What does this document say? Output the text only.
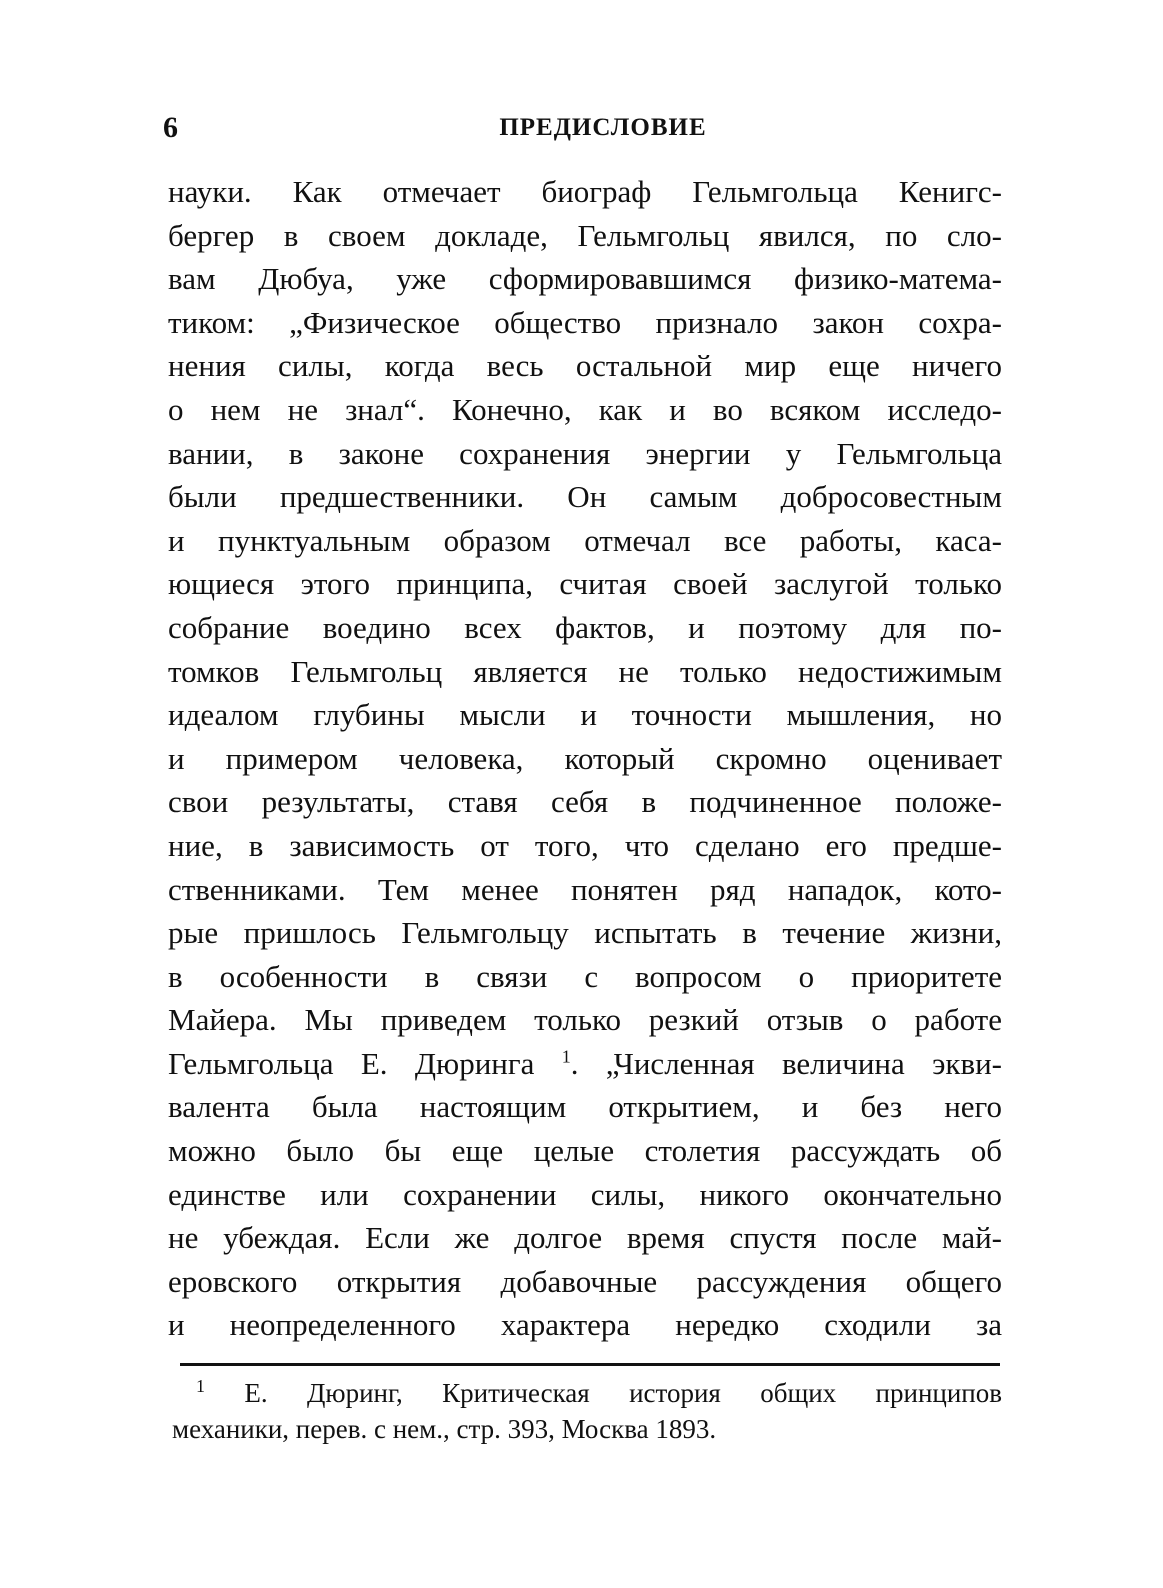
6	ПРЕДИСЛОВИЕ
науки. Как отмечает биограф Гельмгольца Кенигс-
бергер в своем докладе, Гельмгольц явился, по сло-
вам Дюбуа, уже сформировавшимся физико-матема-
тиком: „Физическое общество признало закон сохра-
нения силы, когда весь остальной мир еще ничего
о нем не знал“. Конечно, как и во всяком исследо-
вании, в законе сохранения энергии у Гельмгольца
были предшественники. Он самым добросовестным
и пунктуальным образом отмечал все работы, каса-
ющиеся этого принципа, считая своей заслугой только
собрание воедино всех фактов, и поэтому для по-
томков Гельмгольц является не только недостижимым
идеалом глубины мысли и точности мышления, но
и примером человека, который скромно оценивает
свои результаты, ставя себя в подчиненное положе-
ние, в зависимость от того, что сделано его предше-
ственниками. Тем менее понятен ряд нападок, кото-
рые пришлось Гельмгольцу испытать в течение жизни,
в особенности в связи с вопросом о приоритете
Майера. Мы приведем только резкий отзыв о работе
Гельмгольца Е. Дюринга $^1$. „Численная величина экви-
валента была настоящим открытием, и без него
можно было бы еще целые столетия рассуждать об
единстве или сохранении силы, никого окончательно
не убеждая. Если же долгое время спустя после май-
еровского открытия добавочные рассуждения общего
и неопределенного характера нередко сходили за
$^1$ Е. Дюринг, Критическая история общих принципов
механики, перев. с нем., стр. 393, Москва 1893.
